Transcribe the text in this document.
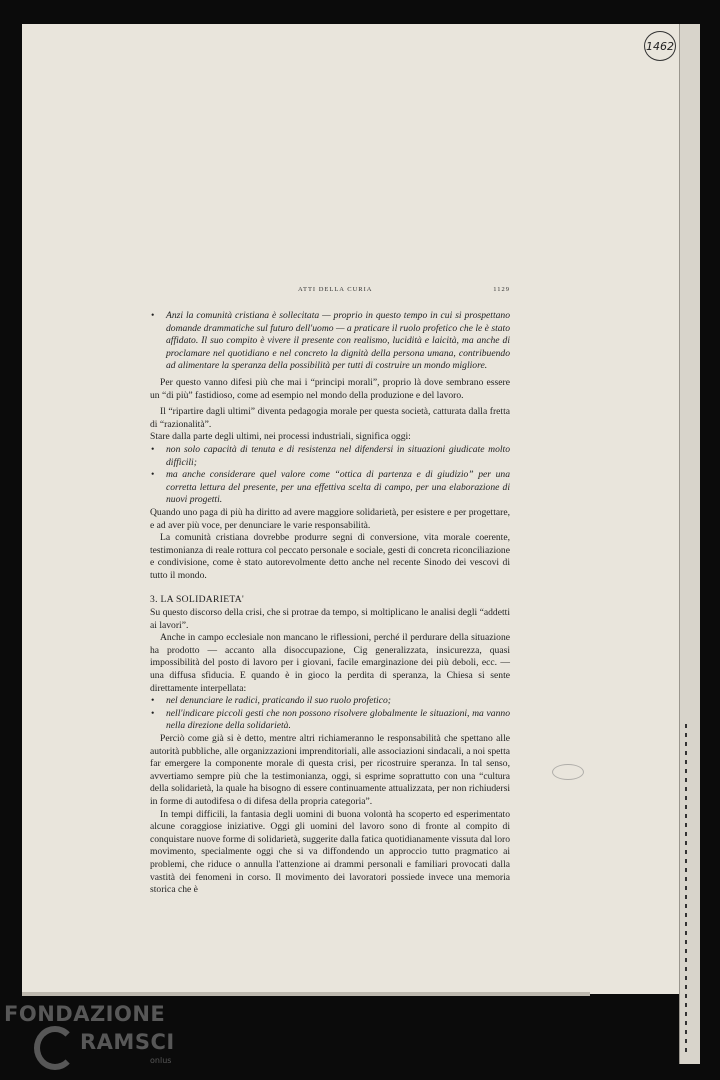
1462
ATTI DELLA CURIA	1129

• Anzi la comunità cristiana è sollecitata — proprio in questo tempo in cui si prospettano domande drammatiche sul futuro dell'uomo — a praticare il ruolo profetico che le è stato affidato. Il suo compito è vivere il presente con realismo, lucidità e laicità, ma anche di proclamare nel quotidiano e nel concreto la dignità della persona umana, contribuendo ad alimentare la speranza della possibilità per tutti di costruire un mondo migliore.

Per questo vanno difesi più che mai i “principi morali”, proprio là dove sembrano essere un “di più” fastidioso, come ad esempio nel mondo della produzione e del lavoro.

Il “ripartire dagli ultimi” diventa pedagogia morale per questa società, catturata dalla fretta di “razionalità”.

Stare dalla parte degli ultimi, nei processi industriali, significa oggi:

• non solo capacità di tenuta e di resistenza nel difendersi in situazioni giudicate molto difficili;

• ma anche considerare quel valore come “ottica di partenza e di giudizio” per una corretta lettura del presente, per una effettiva scelta di campo, per una elaborazione di nuovi progetti.

Quando uno paga di più ha diritto ad avere maggiore solidarietà, per esistere e per progettare, e ad aver più voce, per denunciare le varie responsabilità.

La comunità cristiana dovrebbe produrre segni di conversione, vita morale coerente, testimonianza di reale rottura col peccato personale e sociale, gesti di concreta riconciliazione e condivisione, come è stato autorevolmente detto anche nel recente Sinodo dei vescovi di tutto il mondo.

3. LA SOLIDARIETA'

Su questo discorso della crisi, che si protrae da tempo, si moltiplicano le analisi degli “addetti ai lavori”.

Anche in campo ecclesiale non mancano le riflessioni, perché il perdurare della situazione ha prodotto — accanto alla disoccupazione, Cig generalizzata, insicurezza, quasi impossibilità del posto di lavoro per i giovani, facile emarginazione dei più deboli, ecc. — una diffusa sfiducia. E quando è in gioco la perdita di speranza, la Chiesa si sente direttamente interpellata:

• nel denunciare le radici, praticando il suo ruolo profetico;

• nell'indicare piccoli gesti che non possono risolvere globalmente le situazioni, ma vanno nella direzione della solidarietà.

Perciò come già si è detto, mentre altri richiameranno le responsabilità che spettano alle autorità pubbliche, alle organizzazioni imprenditoriali, alle associazioni sindacali, a noi spetta far emergere la componente morale di questa crisi, per ricostruire speranza. In tal senso, avvertiamo sempre più che la testimonianza, oggi, si esprime soprattutto con una “cultura della solidarietà, la quale ha bisogno di essere continuamente attualizzata, per non richiudersi in forme di autodifesa o di difesa della propria categoria”.

In tempi difficili, la fantasia degli uomini di buona volontà ha scoperto ed esperimentato alcune coraggiose iniziative. Oggi gli uomini del lavoro sono di fronte al compito di conquistare nuove forme di solidarietà, suggerite dalla fatica quotidianamente vissuta dal loro movimento, specialmente oggi che si va diffondendo un approccio tutto pragmatico ai problemi, che riduce o annulla l'attenzione ai drammi personali e familiari provocati dalla vastità dei fenomeni in corso. Il movimento dei lavoratori possiede invece una memoria storica che è

FONDAZIONE
RAMSCI
onlus
